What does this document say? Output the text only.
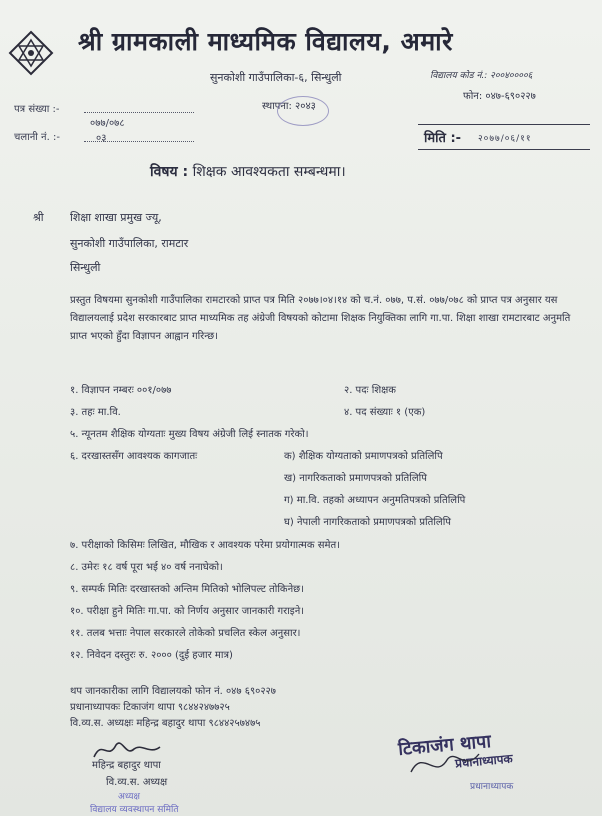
श्री ग्रामकाली माध्यमिक विद्यालय, अमारे
सुनकोशी गाउँपालिका-६, सिन्धुली
स्थापना: २०४३
विद्यालय कोड नं.: २००४००००६
फोन: ०४७-६९०२२७
पत्र संख्या :-
०७७/०७८
चलानी नं. :-	०३	मिति :- २०७७/०६/११
विषय : शिक्षक आवश्यकता सम्बन्धमा।
श्री शिक्षा शाखा प्रमुख ज्यू,
सुनकोशी गाउँपालिका, रामटार
सिन्धुली
प्रस्तुत विषयमा सुनकोशी गाउँपालिका रामटारको प्राप्त पत्र मिति २०७७।०४।१४ को च.नं. ०७७, प.सं. ०७७/०७८ को प्राप्त पत्र अनुसार यस विद्यालयलाई प्रदेश सरकारबाट प्राप्त माध्यमिक तह अंग्रेजी विषयको कोटामा शिक्षक नियुक्तिका लागि गा.पा. शिक्षा शाखा रामटारबाट अनुमति प्राप्त भएको हुँदा विज्ञापन आह्वान गरिन्छ।
१. विज्ञापन नम्बरः ००१/०७७	२. पदः शिक्षक
३. तहः मा.वि.	४. पद संख्याः १ (एक)
५. न्यूनतम शैक्षिक योग्यताः मुख्य विषय अंग्रेजी लिई स्नातक गरेको।
६. दरखास्तसँग आवश्यक कागजातः	क) शैक्षिक योग्यताको प्रमाणपत्रको प्रतिलिपि
ख) नागरिकताको प्रमाणपत्रको प्रतिलिपि
ग) मा.वि. तहको अध्यापन अनुमतिपत्रको प्रतिलिपि
घ) नेपाली नागरिकताको प्रमाणपत्रको प्रतिलिपि
७. परीक्षाको किसिमः लिखित, मौखिक र आवश्यक परेमा प्रयोगात्मक समेत।
८. उमेरः १८ वर्ष पूरा भई ४० वर्ष ननाघेको।
९. सम्पर्क मितिः दरखास्तको अन्तिम मितिको भोलिपल्ट तोकिनेछ।
१०. परीक्षा हुने मितिः गा.पा. को निर्णय अनुसार जानकारी गराइने।
११. तलब भत्ताः नेपाल सरकारले तोकेको प्रचलित स्केल अनुसार।
१२. निवेदन दस्तुरः रु. २००० (दुई हजार मात्र)
थप जानकारीका लागि विद्यालयको फोन नं. ०४७ ६९०२२७
प्रधानाध्यापकः टिकाजंग थापा ९८४४२४७७२५
वि.व्य.स. अध्यक्षः महिन्द्र बहादुर थापा ९८४४२५७४७५
महिन्द्र बहादुर थापा
वि.व्य.स. अध्यक्ष
अध्यक्ष
विद्यालय व्यवस्थापन समिति
टिकाजंग थापा
प्रधानाध्यापक
प्रधानाध्यापक
